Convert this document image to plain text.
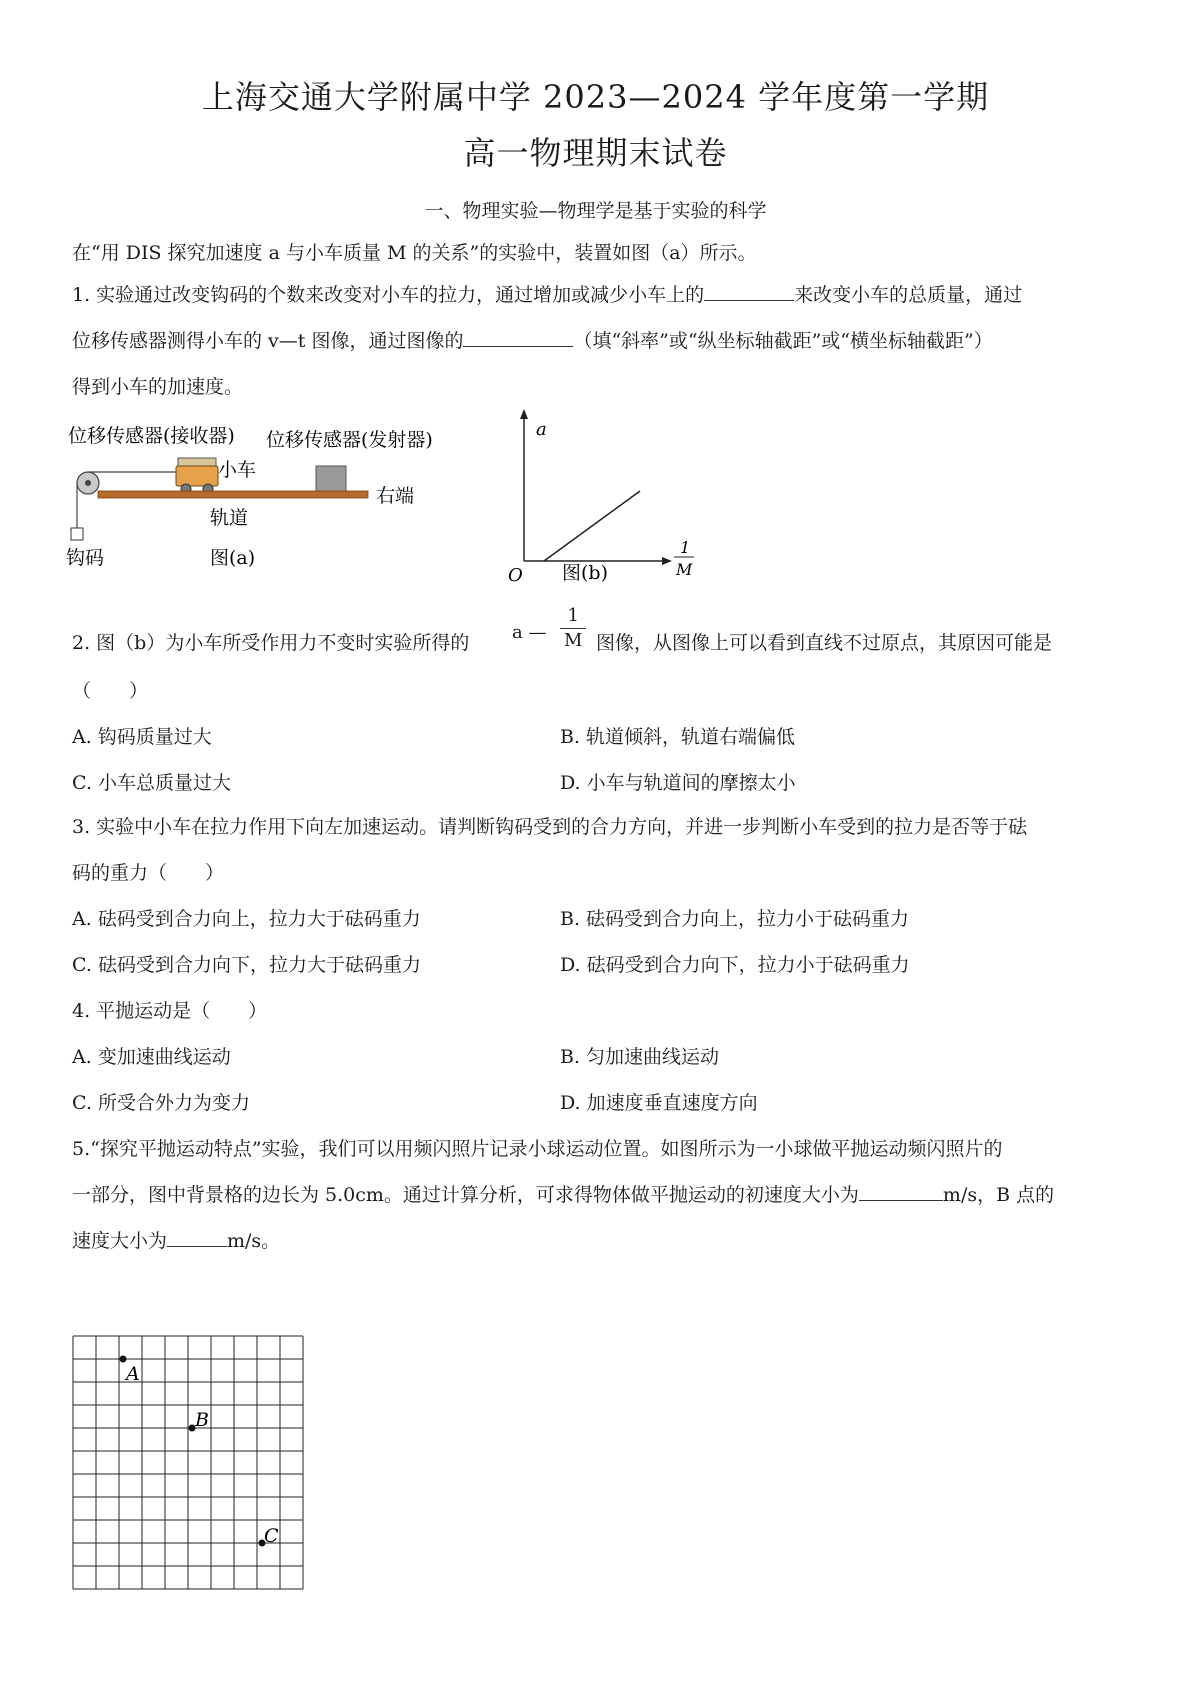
上海交通大学附属中学 2023—2024 学年度第一学期
高一物理期末试卷
一、物理实验—物理学是基于实验的科学
在“用 DIS 探究加速度 a 与小车质量 M 的关系”的实验中，装置如图（a）所示。
1. 实验通过改变钩码的个数来改变对小车的拉力，通过增加或减少小车上的	来改变小车的总质量，通过
位移传感器测得小车的 v—t 图像，通过图像的	（填“斜率”或“纵坐标轴截距”或“横坐标轴截距”）
得到小车的加速度。
位移传感器(接收器) 位移传感器(发射器)
小车
右端
轨道
钩码	图(a)
a
1
M
O 图(b)
2. 图（b）为小车所受作用力不变时实验所得的 a — $\frac{1}{M}$ 图像，从图像上可以看到直线不过原点，其原因可能是
（　　）
A. 钩码质量过大	B. 轨道倾斜，轨道右端偏低
C. 小车总质量过大	D. 小车与轨道间的摩擦太小
3. 实验中小车在拉力作用下向左加速运动。请判断钩码受到的合力方向，并进一步判断小车受到的拉力是否等于砝
码的重力（　　）
A. 砝码受到合力向上，拉力大于砝码重力	B. 砝码受到合力向上，拉力小于砝码重力
C. 砝码受到合力向下，拉力大于砝码重力	D. 砝码受到合力向下，拉力小于砝码重力
4. 平抛运动是（　　）
A. 变加速曲线运动	B. 匀加速曲线运动
C. 所受合外力为变力	D. 加速度垂直速度方向
5.“探究平抛运动特点”实验，我们可以用频闪照片记录小球运动位置。如图所示为一小球做平抛运动频闪照片的
一部分，图中背景格的边长为 5.0cm。通过计算分析，可求得物体做平抛运动的初速度大小为	m/s，B 点的
速度大小为	m/s。
A
B
C
